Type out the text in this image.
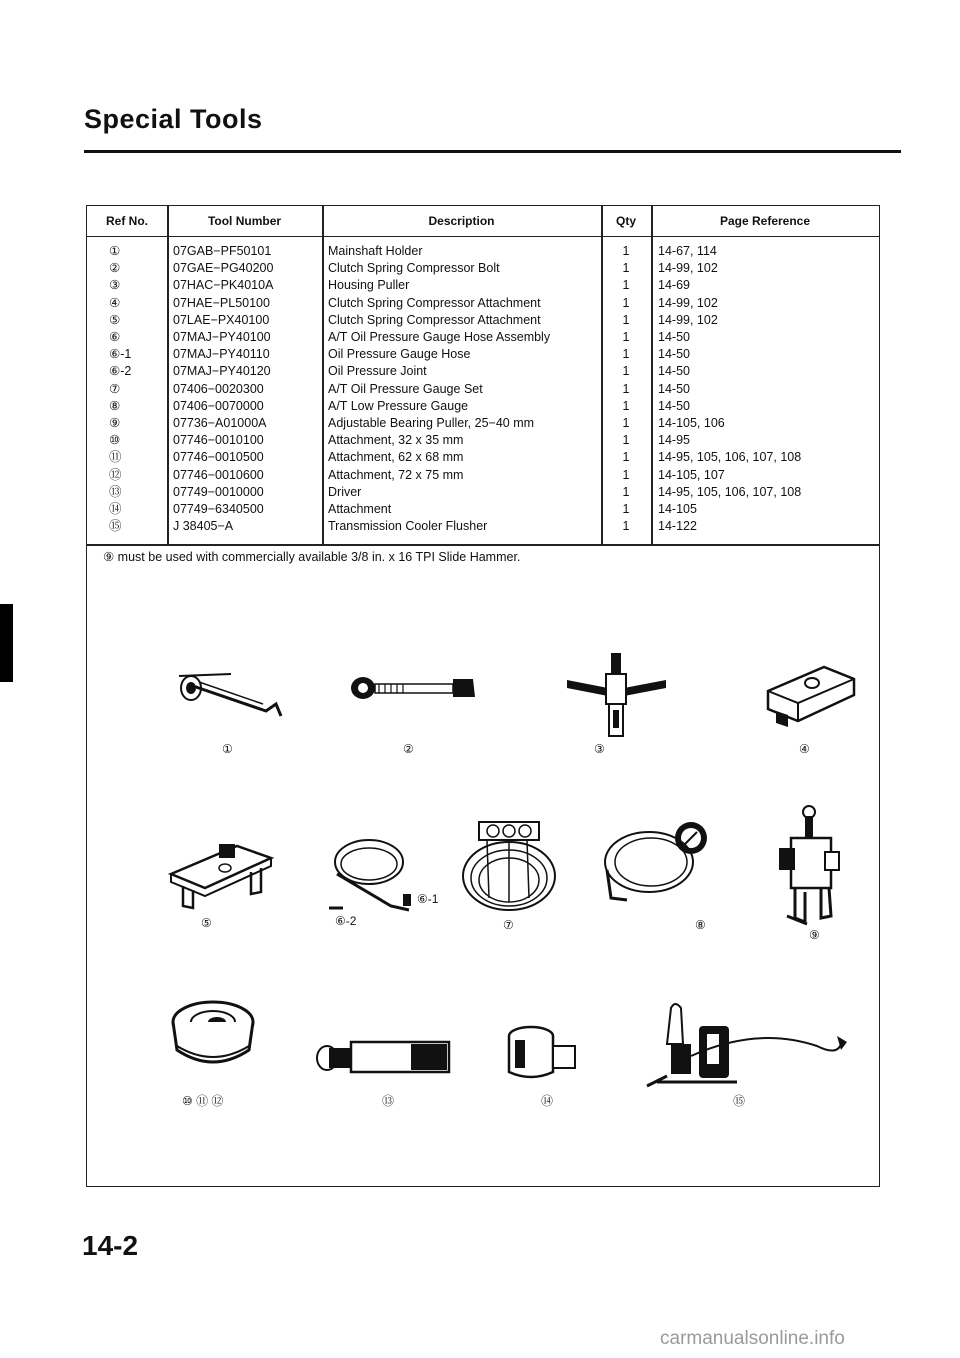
Special Tools
Ref No.	Tool Number	Description	Qty	Page Reference
①	07GAB−PF50101	Mainshaft Holder	1	14-67, 114
②	07GAE−PG40200	Clutch Spring Compressor Bolt	1	14-99, 102
③	07HAC−PK4010A	Housing Puller	1	14-69
④	07HAE−PL50100	Clutch Spring Compressor Attachment	1	14-99, 102
⑤	07LAE−PX40100	Clutch Spring Compressor Attachment	1	14-99, 102
⑥	07MAJ−PY40100	A/T Oil Pressure Gauge Hose Assembly	1	14-50
⑥-1	07MAJ−PY40110	Oil Pressure Gauge Hose	1	14-50
⑥-2	07MAJ−PY40120	Oil Pressure Joint	1	14-50
⑦	07406−0020300	A/T Oil Pressure Gauge Set	1	14-50
⑧	07406−0070000	A/T Low Pressure Gauge	1	14-50
⑨	07736−A01000A	Adjustable Bearing Puller, 25−40 mm	1	14-105, 106
⑩	07746−0010100	Attachment, 32 x 35 mm	1	14-95
⑪	07746−0010500	Attachment, 62 x 68 mm	1	14-95, 105, 106, 107, 108
⑫	07746−0010600	Attachment, 72 x 75 mm	1	14-105, 107
⑬	07749−0010000	Driver	1	14-95, 105, 106, 107, 108
⑭	07749−6340500	Attachment	1	14-105
⑮	J 38405−A	Transmission Cooler Flusher	1	14-122
⑨ must be used with commercially available 3/8 in. x 16 TPI Slide Hammer.
①	②	③	④
⑤
⑥-1
⑥-2	⑦	⑧
⑨
⑩ ⑪ ⑫	⑬	⑭	⑮
14-2
carmanualsonline.info
